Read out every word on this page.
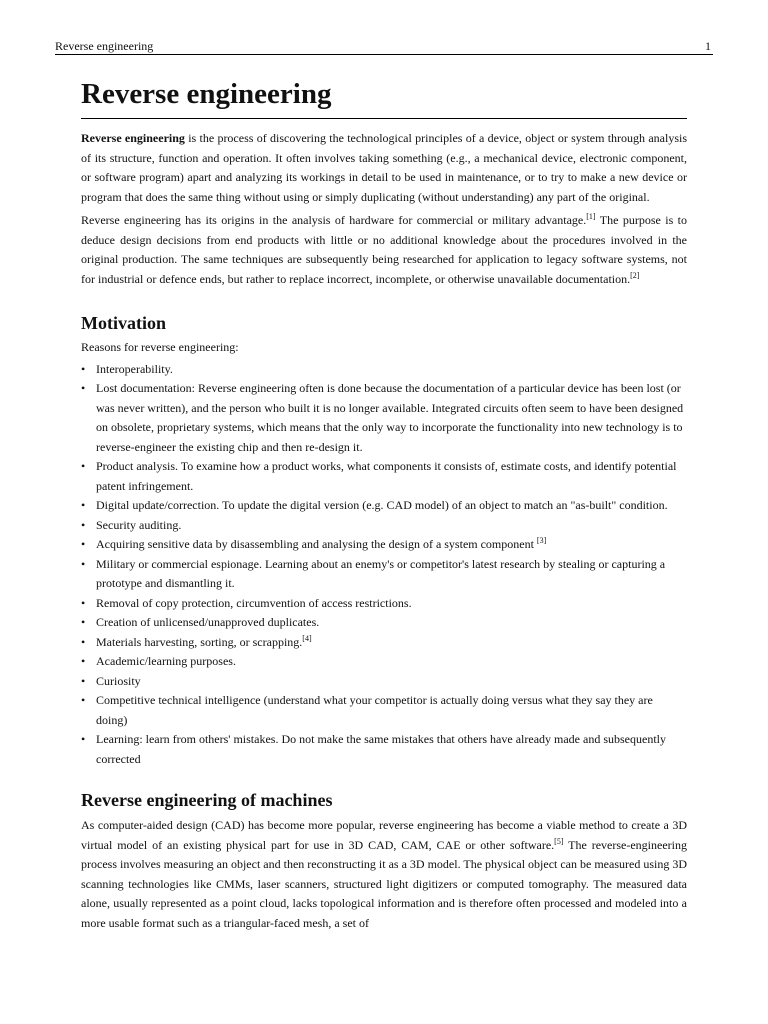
Reverse engineering	1
Reverse engineering

Reverse engineering is the process of discovering the technological principles of a device, object or system through analysis of its structure, function and operation. It often involves taking something (e.g., a mechanical device, electronic component, or software program) apart and analyzing its workings in detail to be used in maintenance, or to try to make a new device or program that does the same thing without using or simply duplicating (without understanding) any part of the original.

Reverse engineering has its origins in the analysis of hardware for commercial or military advantage.[1] The purpose is to deduce design decisions from end products with little or no additional knowledge about the procedures involved in the original production. The same techniques are subsequently being researched for application to legacy software systems, not for industrial or defence ends, but rather to replace incorrect, incomplete, or otherwise unavailable documentation.[2]

Motivation

Reasons for reverse engineering:

• Interoperability.
• Lost documentation: Reverse engineering often is done because the documentation of a particular device has been lost (or was never written), and the person who built it is no longer available. Integrated circuits often seem to have been designed on obsolete, proprietary systems, which means that the only way to incorporate the functionality into new technology is to reverse-engineer the existing chip and then re-design it.
• Product analysis. To examine how a product works, what components it consists of, estimate costs, and identify potential patent infringement.
• Digital update/correction. To update the digital version (e.g. CAD model) of an object to match an "as-built" condition.
• Security auditing.
• Acquiring sensitive data by disassembling and analysing the design of a system component [3]
• Military or commercial espionage. Learning about an enemy's or competitor's latest research by stealing or capturing a prototype and dismantling it.
• Removal of copy protection, circumvention of access restrictions.
• Creation of unlicensed/unapproved duplicates.
• Materials harvesting, sorting, or scrapping.[4]
• Academic/learning purposes.
• Curiosity
• Competitive technical intelligence (understand what your competitor is actually doing versus what they say they are doing)
• Learning: learn from others' mistakes. Do not make the same mistakes that others have already made and subsequently corrected
Reverse engineering of machines

As computer-aided design (CAD) has become more popular, reverse engineering has become a viable method to create a 3D virtual model of an existing physical part for use in 3D CAD, CAM, CAE or other software.[5] The reverse-engineering process involves measuring an object and then reconstructing it as a 3D model. The physical object can be measured using 3D scanning technologies like CMMs, laser scanners, structured light digitizers or computed tomography. The measured data alone, usually represented as a point cloud, lacks topological information and is therefore often processed and modeled into a more usable format such as a triangular-faced mesh, a set of
